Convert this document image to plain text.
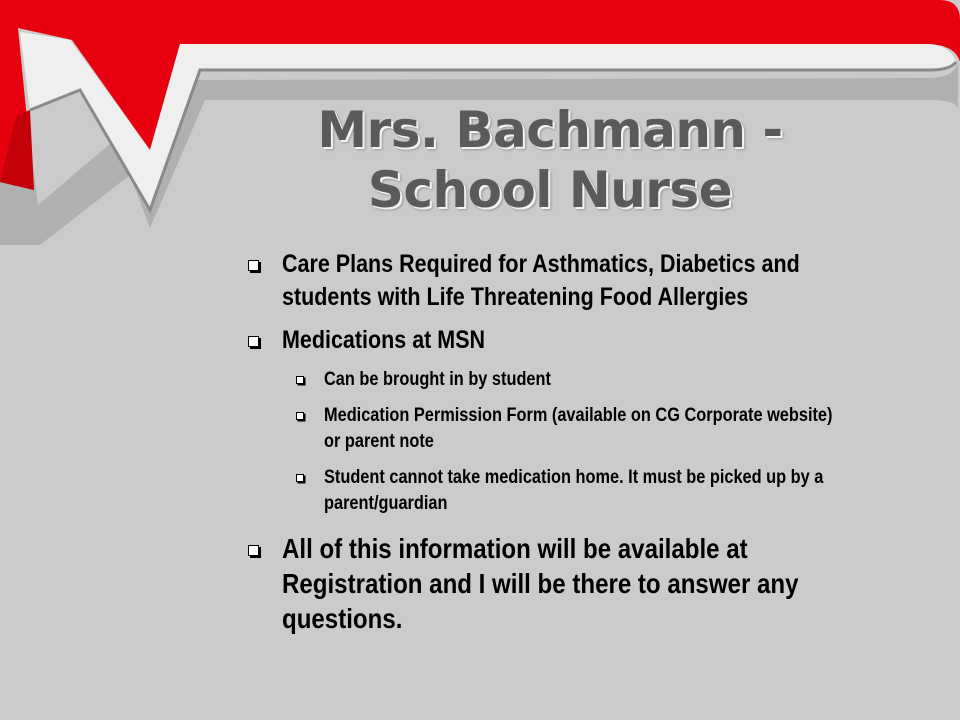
Mrs. Bachmann -
School Nurse
Care Plans Required for Asthmatics, Diabetics and students with Life Threatening Food Allergies
Medications at MSN
Can be brought in by student
Medication Permission Form (available on CG Corporate website) or parent note
Student cannot take medication home. It must be picked up by a parent/guardian
All of this information will be available at Registration and I will be there to answer any questions.
